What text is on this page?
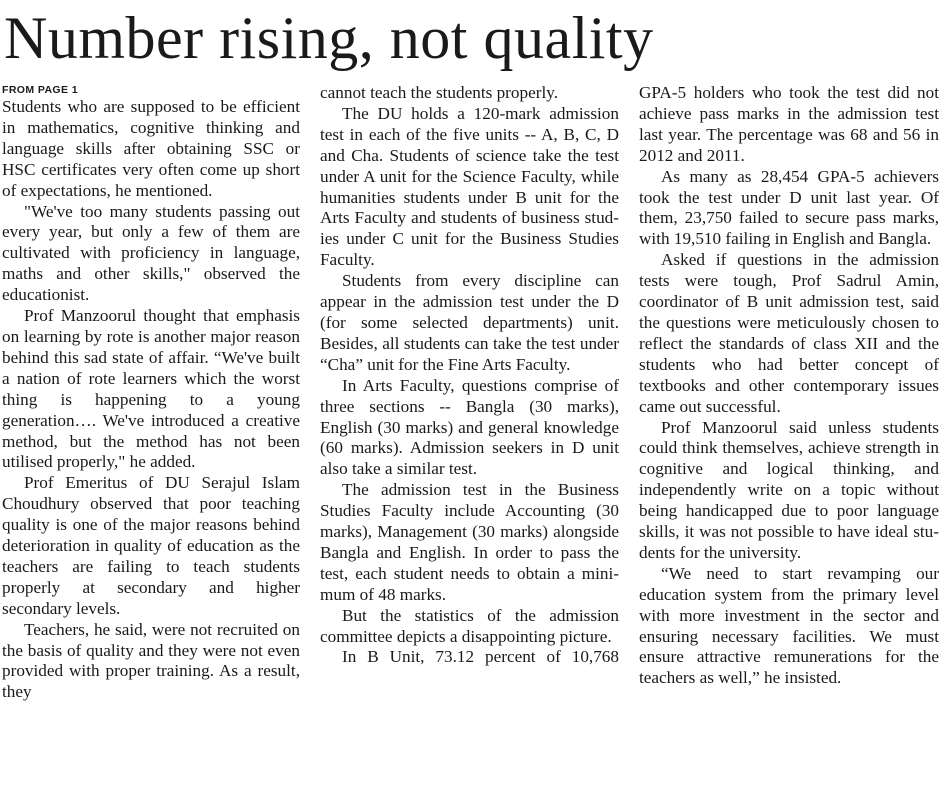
Number rising, not quality
FROM PAGE 1

Students who are supposed to be efficient in mathematics, cognitive thinking and language skills after obtaining SSC or HSC certificates very often come up short of expectations, he mentioned.

"We've too many students passing out every year, but only a few of them are cultivated with proficiency in language, maths and other skills," observed the educationist.

Prof Manzoorul thought that emphasis on learning by rote is another major reason behind this sad state of affair. “We've built a nation of rote learners which the worst thing is happening to a young generation…. We've introduced a creative method, but the method has not been utilised properly," he added.

Prof Emeritus of DU Serajul Islam Choudhury observed that poor teaching quality is one of the major reasons behind deterioration in quality of education as the teachers are failing to teach students properly at secondary and higher secondary levels.

Teachers, he said, were not recruited on the basis of quality and they were not even provided with proper training. As a result, they

cannot teach the students properly.

The DU holds a 120-mark admission test in each of the five units -- A, B, C, D and Cha. Students of science take the test under A unit for the Science Faculty, while humanities students under B unit for the Arts Faculty and students of business studies under C unit for the Business Studies Faculty.

Students from every discipline can appear in the admission test under the D (for some selected departments) unit. Besides, all students can take the test under “Cha” unit for the Fine Arts Faculty.

In Arts Faculty, questions comprise of three sections -- Bangla (30 marks), English (30 marks) and general knowledge (60 marks). Admission seekers in D unit also take a similar test.

The admission test in the Business Studies Faculty include Accounting (30 marks), Management (30 marks) alongside Bangla and English. In order to pass the test, each student needs to obtain a minimum of 48 marks.

But the statistics of the admission committee depicts a disappointing picture.

In B Unit, 73.12 percent of 10,768

GPA-5 holders who took the test did not achieve pass marks in the admission test last year. The percentage was 68 and 56 in 2012 and 2011.

As many as 28,454 GPA-5 achievers took the test under D unit last year. Of them, 23,750 failed to secure pass marks, with 19,510 failing in English and Bangla.

Asked if questions in the admission tests were tough, Prof Sadrul Amin, coordinator of B unit admission test, said the questions were meticulously chosen to reflect the standards of class XII and the students who had better concept of textbooks and other contemporary issues came out successful.

Prof Manzoorul said unless students could think themselves, achieve strength in cognitive and logical thinking, and independently write on a topic without being handicapped due to poor language skills, it was not possible to have ideal students for the university.

“We need to start revamping our education system from the primary level with more investment in the sector and ensuring necessary facilities. We must ensure attractive remunerations for the teachers as well,” he insisted.
